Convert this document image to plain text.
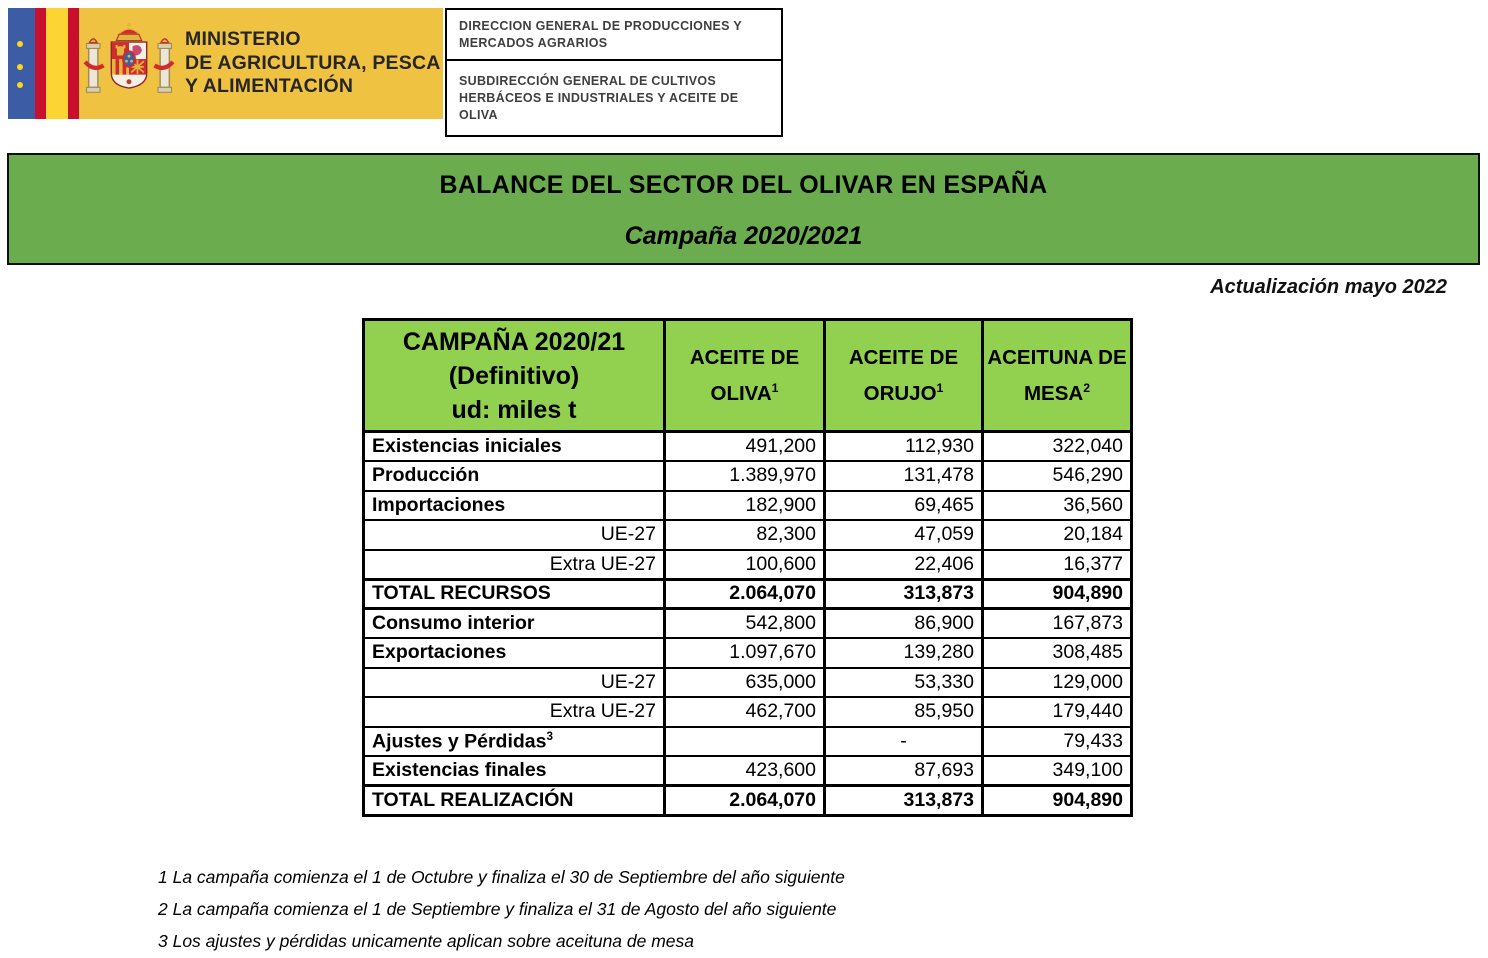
MINISTERIO
DE AGRICULTURA, PESCA
Y ALIMENTACIÓN
DIRECCION GENERAL DE PRODUCCIONES Y
MERCADOS AGRARIOS
SUBDIRECCIÓN GENERAL DE CULTIVOS
HERBÁCEOS E INDUSTRIALES Y ACEITE DE OLIVA
BALANCE DEL SECTOR DEL OLIVAR EN ESPAÑA
Campaña 2020/2021
Actualización mayo 2022
CAMPAÑA 2020/21
(Definitivo)
ud: miles t

ACEITE DE
OLIVA$^1$

ACEITE DE
ORUJO$^1$

ACEITUNA DE
MESA$^2$

Existencias iniciales	491,200	112,930	322,040
Producción	1.389,970	131,478	546,290
Importaciones	182,900	69,465	36,560
UE-27	82,300	47,059	20,184
Extra UE-27	100,600	22,406	16,377
TOTAL RECURSOS	2.064,070	313,873	904,890
Consumo interior	542,800	86,900	167,873
Exportaciones	1.097,670	139,280	308,485
UE-27	635,000	53,330	129,000
Extra UE-27	462,700	85,950	179,440
Ajustes y Pérdidas$^3$		-	79,433
Existencias finales	423,600	87,693	349,100
TOTAL REALIZACIÓN	2.064,070	313,873	904,890
1 La campaña comienza el 1 de Octubre y finaliza el 30 de Septiembre del año siguiente
2 La campaña comienza el 1 de Septiembre y finaliza el 31 de Agosto del año siguiente
3 Los ajustes y pérdidas unicamente aplican sobre aceituna de mesa
